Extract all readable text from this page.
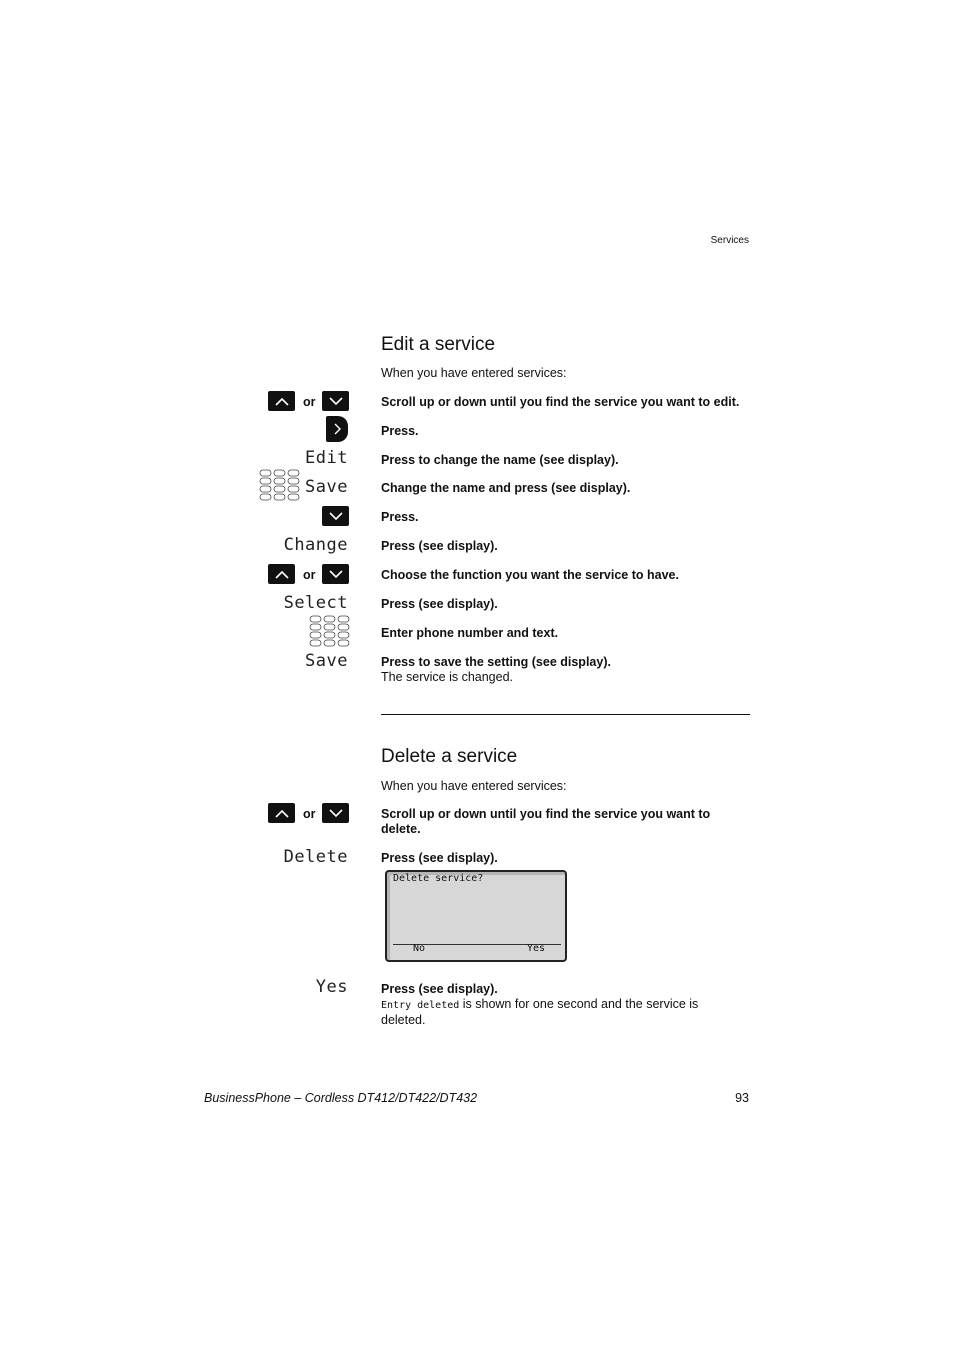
Services
Edit a service
When you have entered services:
or	Scroll up or down until you find the service you want to edit.
Press.
Edit	Press to change the name (see display).
Save	Change the name and press (see display).
Press.
Change	Press (see display).
or	Choose the function you want the service to have.
Select	Press (see display).
Enter phone number and text.
Save	Press to save the setting (see display).
The service is changed.
Delete a service
When you have entered services:
or	Scroll up or down until you find the service you want to delete.
Delete	Press (see display).
Delete service?
No	Yes
Yes	Press (see display).
Entry deleted is shown for one second and the service is deleted.
BusinessPhone – Cordless DT412/DT422/DT432	93
